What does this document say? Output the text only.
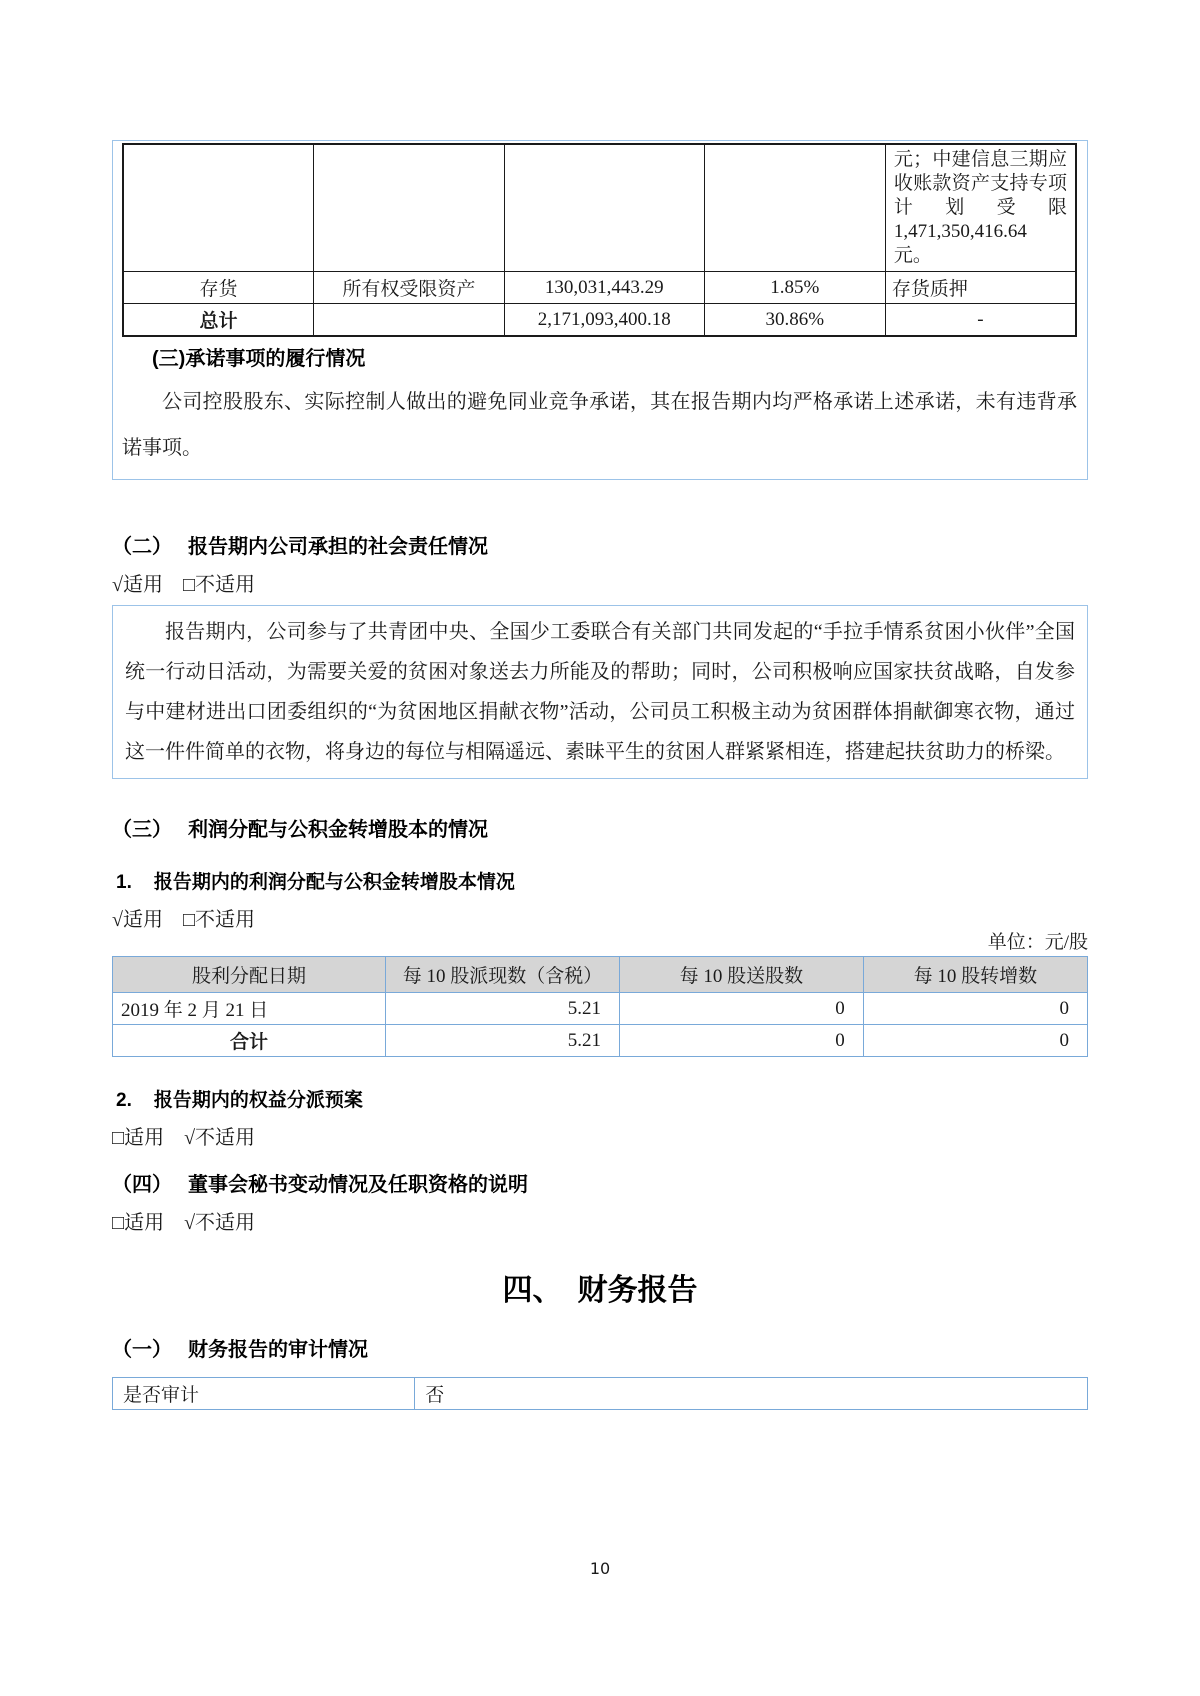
				元；中建信息三期应收账款资产支持专项计划受限 1,471,350,416.64 元。
存货	所有权受限资产	130,031,443.29	1.85%	存货质押
总计		2,171,093,400.18	30.86%	-
(三)承诺事项的履行情况

公司控股股东、实际控制人做出的避免同业竞争承诺，其在报告期内均严格承诺上述承诺，未有违背承诺事项。

（二） 报告期内公司承担的社会责任情况

√适用　□不适用

报告期内，公司参与了共青团中央、全国少工委联合有关部门共同发起的“手拉手情系贫困小伙伴”全国统一行动日活动，为需要关爱的贫困对象送去力所能及的帮助；同时，公司积极响应国家扶贫战略，自发参与中建材进出口团委组织的“为贫困地区捐献衣物”活动，公司员工积极主动为贫困群体捐献御寒衣物，通过这一件件简单的衣物，将身边的每位与相隔遥远、素昧平生的贫困人群紧紧相连，搭建起扶贫助力的桥梁。

（三） 利润分配与公积金转增股本的情况
1. 报告期内的利润分配与公积金转增股本情况

√适用　□不适用

单位：元/股
股利分配日期	每 10 股派现数（含税）	每 10 股送股数	每 10 股转增数
2019 年 2 月 21 日	5.21	0	0
合计	5.21	0	0
2. 报告期内的权益分派预案

□适用　√不适用

（四） 董事会秘书变动情况及任职资格的说明

□适用　√不适用

四、　财务报告
（一） 财务报告的审计情况
是否审计	否
10
